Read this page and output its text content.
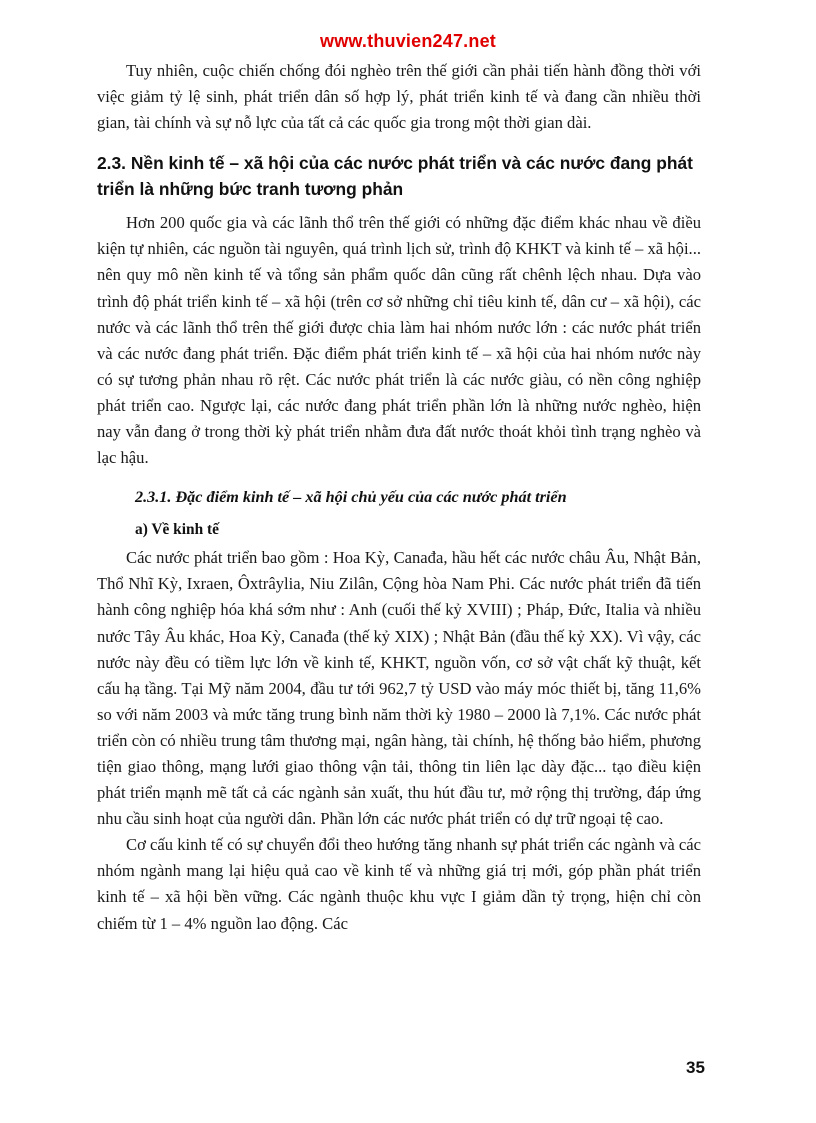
www.thuvien247.net

Tuy nhiên, cuộc chiến chống đói nghèo trên thế giới cần phải tiến hành đồng thời với việc giảm tỷ lệ sinh, phát triển dân số hợp lý, phát triển kinh tế và đang cần nhiều thời gian, tài chính và sự nỗ lực của tất cả các quốc gia trong một thời gian dài.

2.3. Nền kinh tế – xã hội của các nước phát triển và các nước đang phát triển là những bức tranh tương phản

Hơn 200 quốc gia và các lãnh thổ trên thế giới có những đặc điểm khác nhau về điều kiện tự nhiên, các nguồn tài nguyên, quá trình lịch sử, trình độ KHKT và kinh tế – xã hội... nên quy mô nền kinh tế và tổng sản phẩm quốc dân cũng rất chênh lệch nhau. Dựa vào trình độ phát triển kinh tế – xã hội (trên cơ sở những chỉ tiêu kinh tế, dân cư – xã hội), các nước và các lãnh thổ trên thế giới được chia làm hai nhóm nước lớn : các nước phát triển và các nước đang phát triển. Đặc điểm phát triển kinh tế – xã hội của hai nhóm nước này có sự tương phản nhau rõ rệt. Các nước phát triển là các nước giàu, có nền công nghiệp phát triển cao. Ngược lại, các nước đang phát triển phần lớn là những nước nghèo, hiện nay vẫn đang ở trong thời kỳ phát triển nhằm đưa đất nước thoát khỏi tình trạng nghèo và lạc hậu.

2.3.1. Đặc điểm kinh tế – xã hội chủ yếu của các nước phát triển
a) Về kinh tế

Các nước phát triển bao gồm : Hoa Kỳ, Canađa, hầu hết các nước châu Âu, Nhật Bản, Thổ Nhĩ Kỳ, Ixraen, Ôxtrâylia, Niu Zilân, Cộng hòa Nam Phi. Các nước phát triển đã tiến hành công nghiệp hóa khá sớm như : Anh (cuối thế kỷ XVIII) ; Pháp, Đức, Italia và nhiều nước Tây Âu khác, Hoa Kỳ, Canađa (thế kỷ XIX) ; Nhật Bản (đầu thế kỷ XX). Vì vậy, các nước này đều có tiềm lực lớn về kinh tế, KHKT, nguồn vốn, cơ sở vật chất kỹ thuật, kết cấu hạ tầng. Tại Mỹ năm 2004, đầu tư tới 962,7 tỷ USD vào máy móc thiết bị, tăng 11,6% so với năm 2003 và mức tăng trung bình năm thời kỳ 1980 – 2000 là 7,1%. Các nước phát triển còn có nhiều trung tâm thương mại, ngân hàng, tài chính, hệ thống bảo hiểm, phương tiện giao thông, mạng lưới giao thông vận tải, thông tin liên lạc dày đặc... tạo điều kiện phát triển mạnh mẽ tất cả các ngành sản xuất, thu hút đầu tư, mở rộng thị trường, đáp ứng nhu cầu sinh hoạt của người dân. Phần lớn các nước phát triển có dự trữ ngoại tệ cao.

Cơ cấu kinh tế có sự chuyển đổi theo hướng tăng nhanh sự phát triển các ngành và các nhóm ngành mang lại hiệu quả cao về kinh tế và những giá trị mới, góp phần phát triển kinh tế – xã hội bền vững. Các ngành thuộc khu vực I giảm dần tỷ trọng, hiện chỉ còn chiếm từ 1 – 4% nguồn lao động. Các

35
